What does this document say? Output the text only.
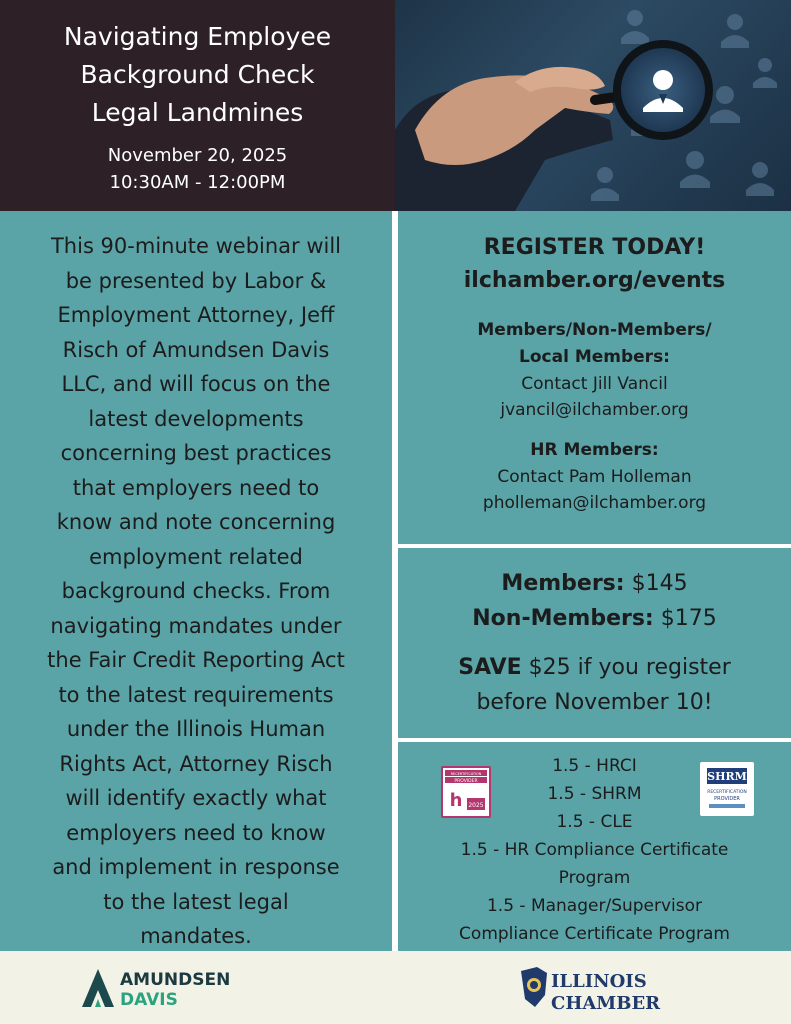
Navigating Employee
Background Check
Legal Landmines
November 20, 2025
10:30AM - 12:00PM
This 90-minute webinar will
be presented by Labor &
Employment Attorney, Jeff
Risch of Amundsen Davis
LLC, and will focus on the
latest developments
concerning best practices
that employers need to
know and note concerning
employment related
background checks. From
navigating mandates under
the Fair Credit Reporting Act
to the latest requirements
under the Illinois Human
Rights Act, Attorney Risch
will identify exactly what
employers need to know
and implement in response
to the latest legal
mandates.
REGISTER TODAY!
ilchamber.org/events
Members/Non-Members/
Local Members:
Contact Jill Vancil
jvancil@ilchamber.org
HR Members:
Contact Pam Holleman
pholleman@ilchamber.org
Members: $145
Non-Members: $175
SAVE $25 if you register
before November 10!
RECERTIFICATION
PROVIDER
h 2025
SHRM
RECERTIFICATION
PROVIDER
1.5 - HRCI
1.5 - SHRM
1.5 - CLE
1.5 - HR Compliance Certificate
Program
1.5 - Manager/Supervisor
Compliance Certificate Program
AMUNDSEN
DAVIS
ILLINOIS
CHAMBER
